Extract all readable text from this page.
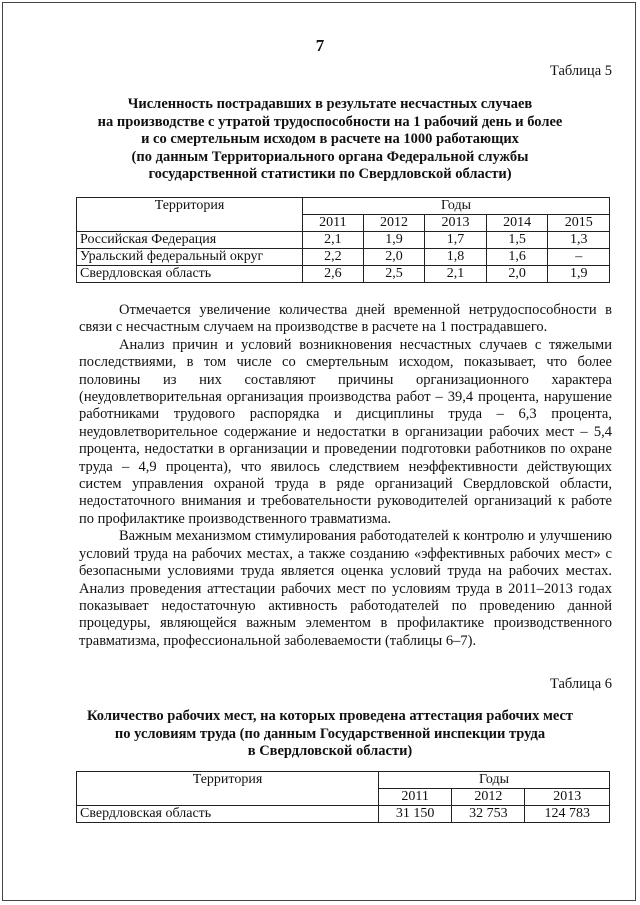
7
Таблица 5
Численность пострадавших в результате несчастных случаев
на производстве с утратой трудоспособности на 1 рабочий день и более
и со смертельным исходом в расчете на 1000 работающих
(по данным Территориального органа Федеральной службы
государственной статистики по Свердловской области)
Территория	Годы				
	2011	2012	2013	2014	2015
Российская Федерация	2,1	1,9	1,7	1,5	1,3
Уральский федеральный округ	2,2	2,0	1,8	1,6	–
Свердловская область	2,6	2,5	2,1	2,0	1,9

Отмечается увеличение количества дней временной нетрудоспособности в связи с несчастным случаем на производстве в расчете на 1 пострадавшего.

Анализ причин и условий возникновения несчастных случаев с тяжелыми последствиями, в том числе со смертельным исходом, показывает, что более половины из них составляют причины организационного характера (неудовлетворительная организация производства работ – 39,4 процента, нарушение работниками трудового распорядка и дисциплины труда – 6,3 процента, неудовлетворительное содержание и недостатки в организации рабочих мест – 5,4 процента, недостатки в организации и проведении подготовки работников по охране труда – 4,9 процента), что явилось следствием неэффективности действующих систем управления охраной труда в ряде организаций Свердловской области, недостаточного внимания и требовательности руководителей организаций к работе по профилактике производственного травматизма.

Важным механизмом стимулирования работодателей к контролю и улучшению условий труда на рабочих местах, а также созданию «эффективных рабочих мест» с безопасными условиями труда является оценка условий труда на рабочих местах. Анализ проведения аттестации рабочих мест по условиям труда в 2011–2013 годах показывает недостаточную активность работодателей по проведению данной процедуры, являющейся важным элементом в профилактике производственного травматизма, профессиональной заболеваемости (таблицы 6–7).

Таблица 6
Количество рабочих мест, на которых проведена аттестация рабочих мест
по условиям труда (по данным Государственной инспекции труда
в Свердловской области)
Территория	Годы		
	2011	2012	2013
Свердловская область	31 150	32 753	124 783
